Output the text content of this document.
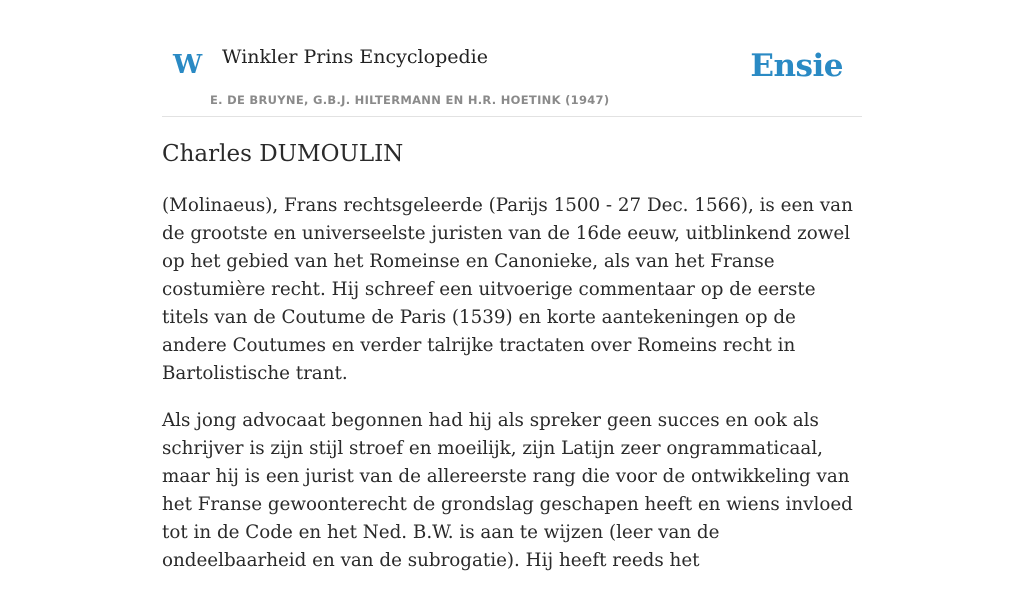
W Winkler Prins Encyclopedie
E. DE BRUYNE, G.B.J. HILTERMANN EN H.R. HOETINK (1947)
Ensie
Charles DUMOULIN

(Molinaeus), Frans rechtsgeleerde (Parijs 1500 - 27 Dec. 1566), is een van de grootste en universeelste juristen van de 16de eeuw, uitblinkend zowel op het gebied van het Romeinse en Canonieke, als van het Franse costumière recht. Hij schreef een uitvoerige commentaar op de eerste titels van de Coutume de Paris (1539) en korte aantekeningen op de andere Coutumes en verder talrijke tractaten over Romeins recht in Bartolistische trant.

Als jong advocaat begonnen had hij als spreker geen succes en ook als schrijver is zijn stijl stroef en moeilijk, zijn Latijn zeer ongrammaticaal, maar hij is een jurist van de allereerste rang die voor de ontwikkeling van het Franse gewoonterecht de grondslag geschapen heeft en wiens invloed tot in de Code en het Ned. B.W. is aan te wijzen (leer van de ondeelbaarheid en van de subrogatie). Hij heeft reeds het
